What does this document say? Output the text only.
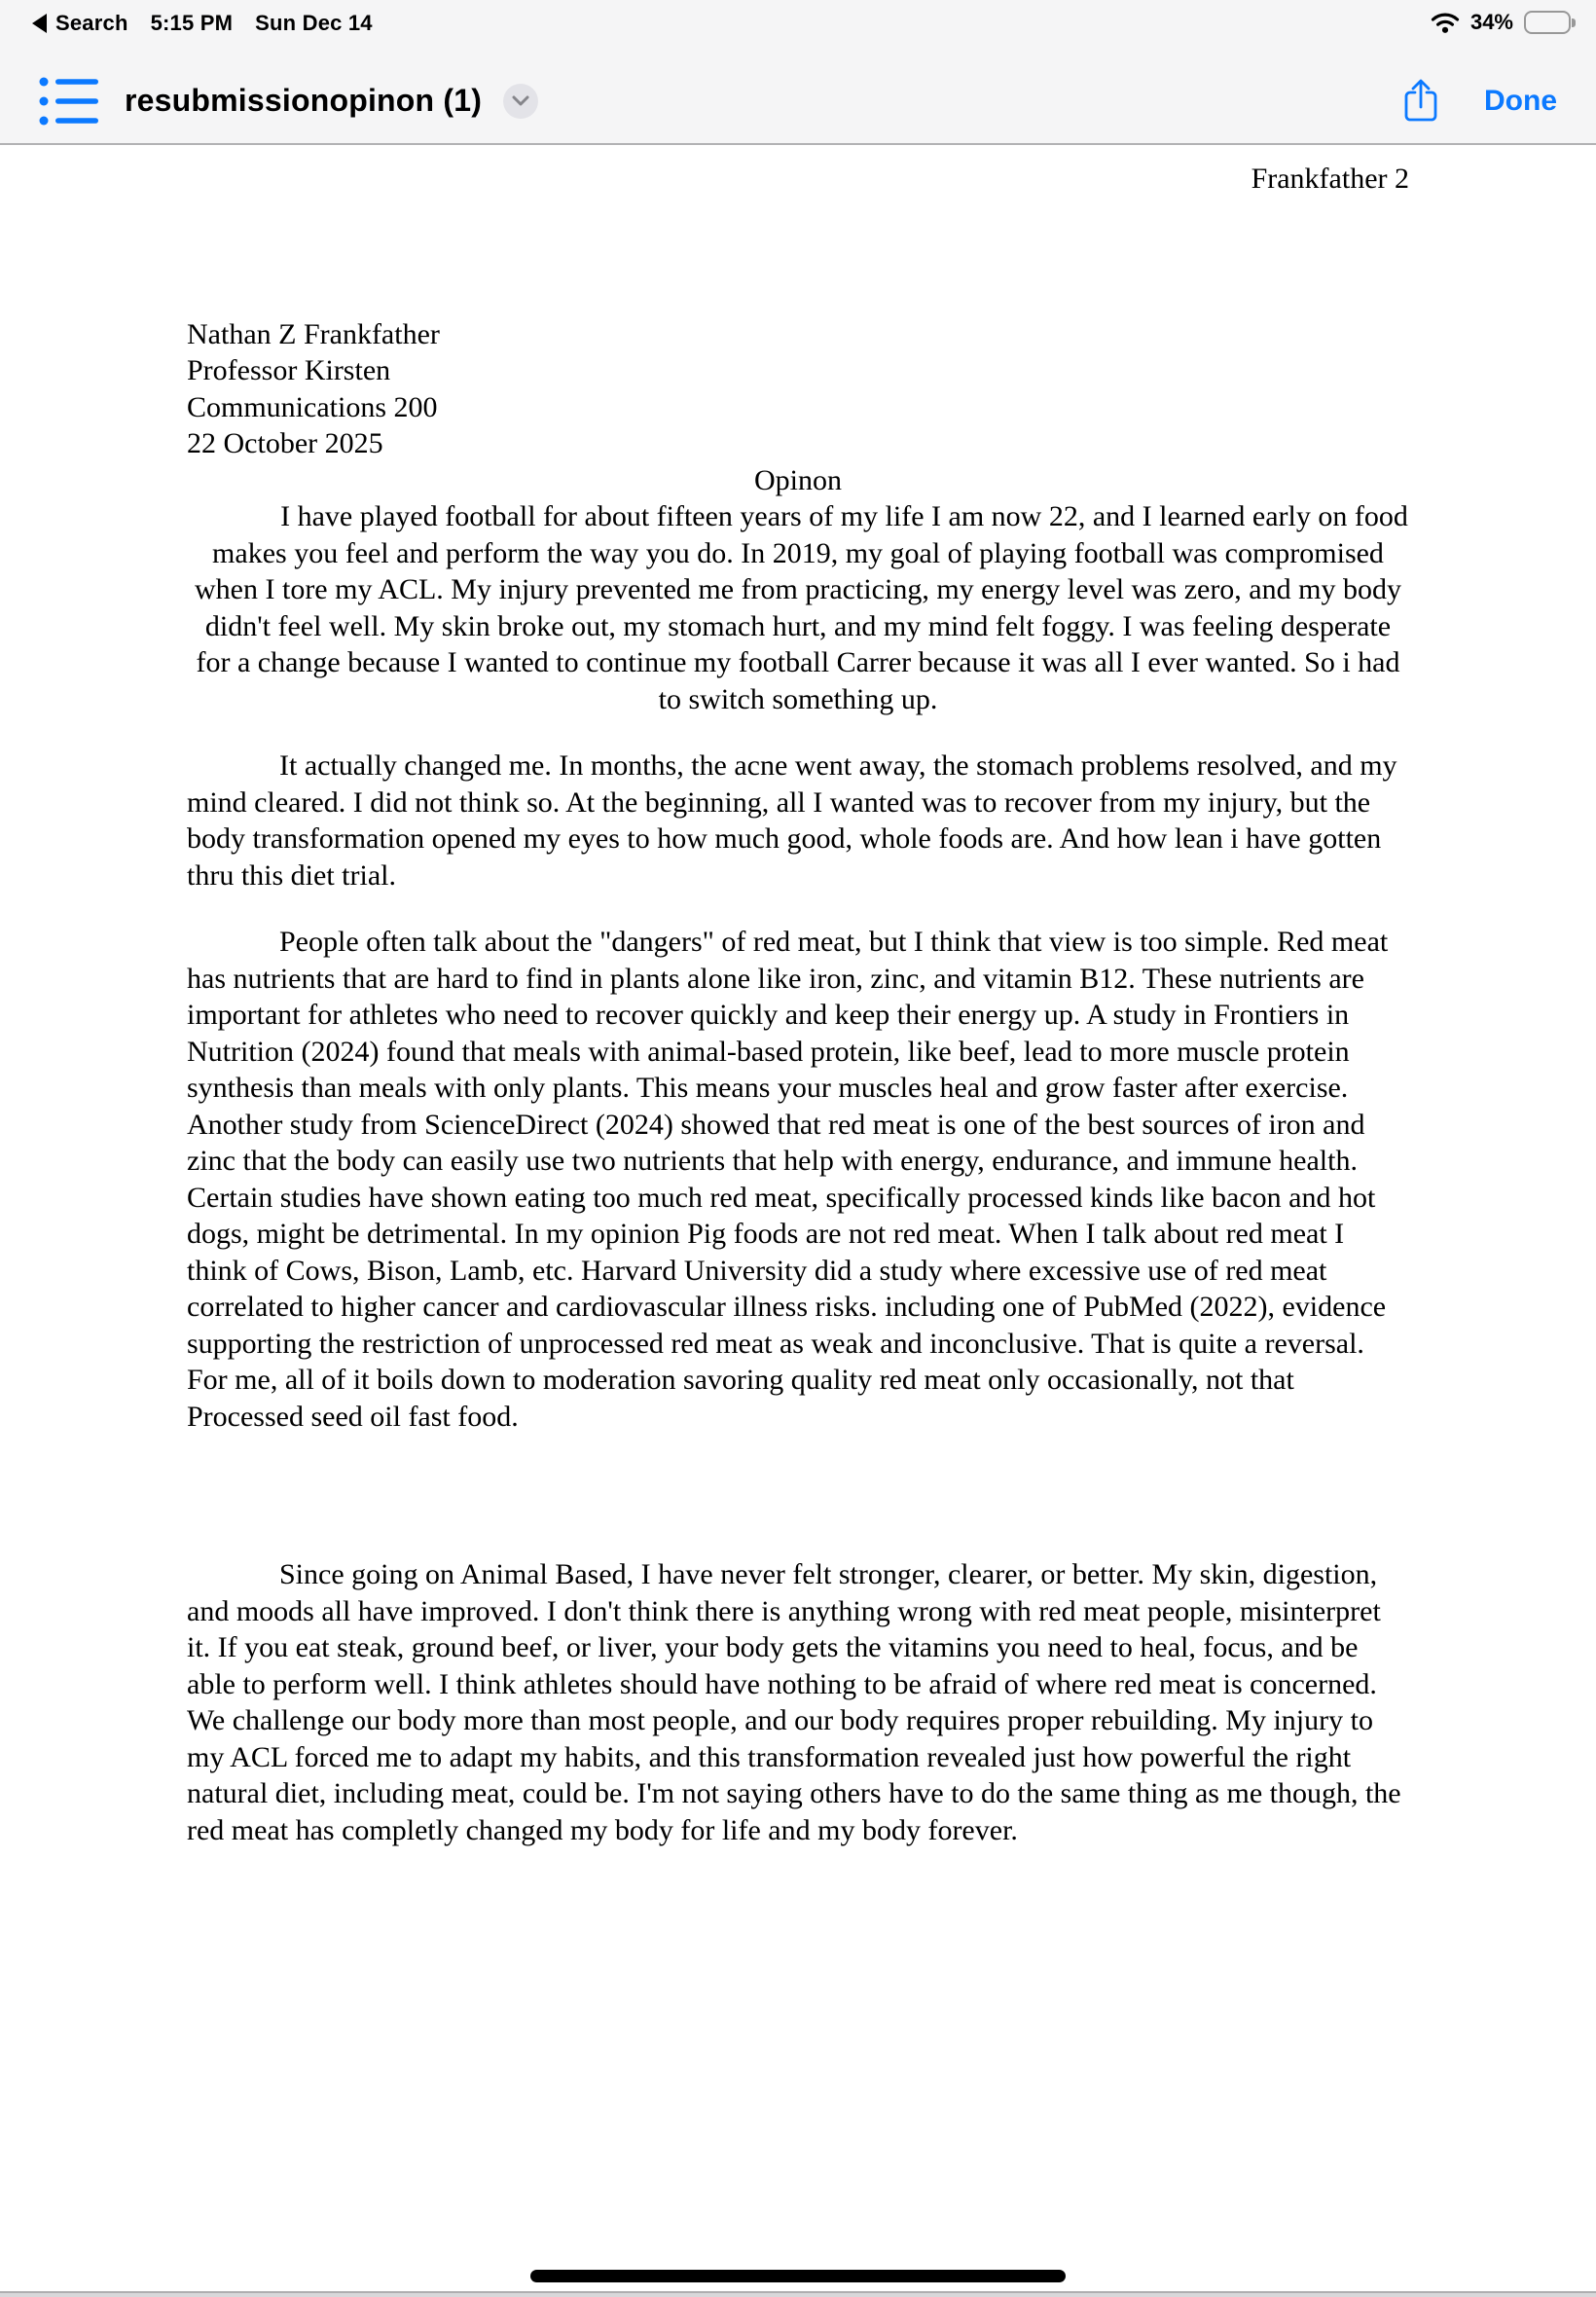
Search 5:15 PM Sun Dec 14	34%
resubmissionopinon (1)	Done
Frankfather 2
Nathan Z Frankfather
Professor Kirsten
Communications 200
22 October 2025
Opinon

I have played football for about fifteen years of my life I am now 22, and I learned early on food makes you feel and perform the way you do. In 2019, my goal of playing football was compromised when I tore my ACL. My injury prevented me from practicing, my energy level was zero, and my body didn't feel well. My skin broke out, my stomach hurt, and my mind felt foggy. I was feeling desperate for a change because I wanted to continue my football Carrer because it was all I ever wanted. So i had to switch something up.

It actually changed me. In months, the acne went away, the stomach problems resolved, and my mind cleared. I did not think so. At the beginning, all I wanted was to recover from my injury, but the body transformation opened my eyes to how much good, whole foods are. And how lean i have gotten thru this diet trial.

People often talk about the "dangers" of red meat, but I think that view is too simple. Red meat has nutrients that are hard to find in plants alone like iron, zinc, and vitamin B12. These nutrients are important for athletes who need to recover quickly and keep their energy up. A study in Frontiers in Nutrition (2024) found that meals with animal-based protein, like beef, lead to more muscle protein synthesis than meals with only plants. This means your muscles heal and grow faster after exercise. Another study from ScienceDirect (2024) showed that red meat is one of the best sources of iron and zinc that the body can easily use two nutrients that help with energy, endurance, and immune health. Certain studies have shown eating too much red meat, specifically processed kinds like bacon and hot dogs, might be detrimental. In my opinion Pig foods are not red meat. When I talk about red meat I think of Cows, Bison, Lamb, etc. Harvard University did a study where excessive use of red meat correlated to higher cancer and cardiovascular illness risks. including one of PubMed (2022), evidence supporting the restriction of unprocessed red meat as weak and inconclusive. That is quite a reversal. For me, all of it boils down to moderation savoring quality red meat only occasionally, not that Processed seed oil fast food.

Since going on Animal Based, I have never felt stronger, clearer, or better. My skin, digestion, and moods all have improved. I don't think there is anything wrong with red meat people, misinterpret it. If you eat steak, ground beef, or liver, your body gets the vitamins you need to heal, focus, and be able to perform well. I think athletes should have nothing to be afraid of where red meat is concerned. We challenge our body more than most people, and our body requires proper rebuilding. My injury to my ACL forced me to adapt my habits, and this transformation revealed just how powerful the right natural diet, including meat, could be. I'm not saying others have to do the same thing as me though, the red meat has completly changed my body for life and my body forever.
